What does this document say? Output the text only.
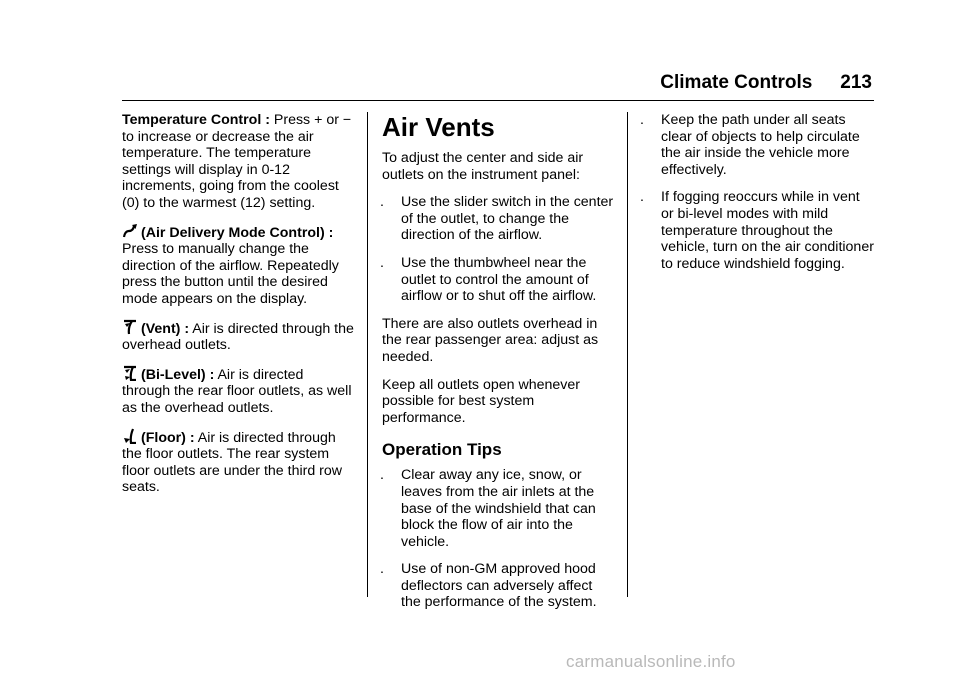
Climate Controls 213

Temperature Control : Press + or − to increase or decrease the air temperature. The temperature settings will display in 0-12 increments, going from the coolest (0) to the warmest (12) setting.

(Air Delivery Mode Control) : Press to manually change the direction of the airflow. Repeatedly press the button until the desired mode appears on the display.

(Vent) : Air is directed through the overhead outlets.

(Bi-Level) : Air is directed through the rear floor outlets, as well as the overhead outlets.

(Floor) : Air is directed through the floor outlets. The rear system floor outlets are under the third row seats.

Air Vents

To adjust the center and side air outlets on the instrument panel:

.	Use the slider switch in the center of the outlet, to change the direction of the airflow.
.	Use the thumbwheel near the outlet to control the amount of airflow or to shut off the airflow.

There are also outlets overhead in the rear passenger area: adjust as needed.

Keep all outlets open whenever possible for best system performance.

Operation Tips
.	Clear away any ice, snow, or leaves from the air inlets at the base of the windshield that can block the flow of air into the vehicle.
.	Use of non-GM approved hood deflectors can adversely affect the performance of the system.
.	Keep the path under all seats clear of objects to help circulate the air inside the vehicle more effectively.
.	If fogging reoccurs while in vent or bi-level modes with mild temperature throughout the vehicle, turn on the air conditioner to reduce windshield fogging.
carmanualsonline.info
